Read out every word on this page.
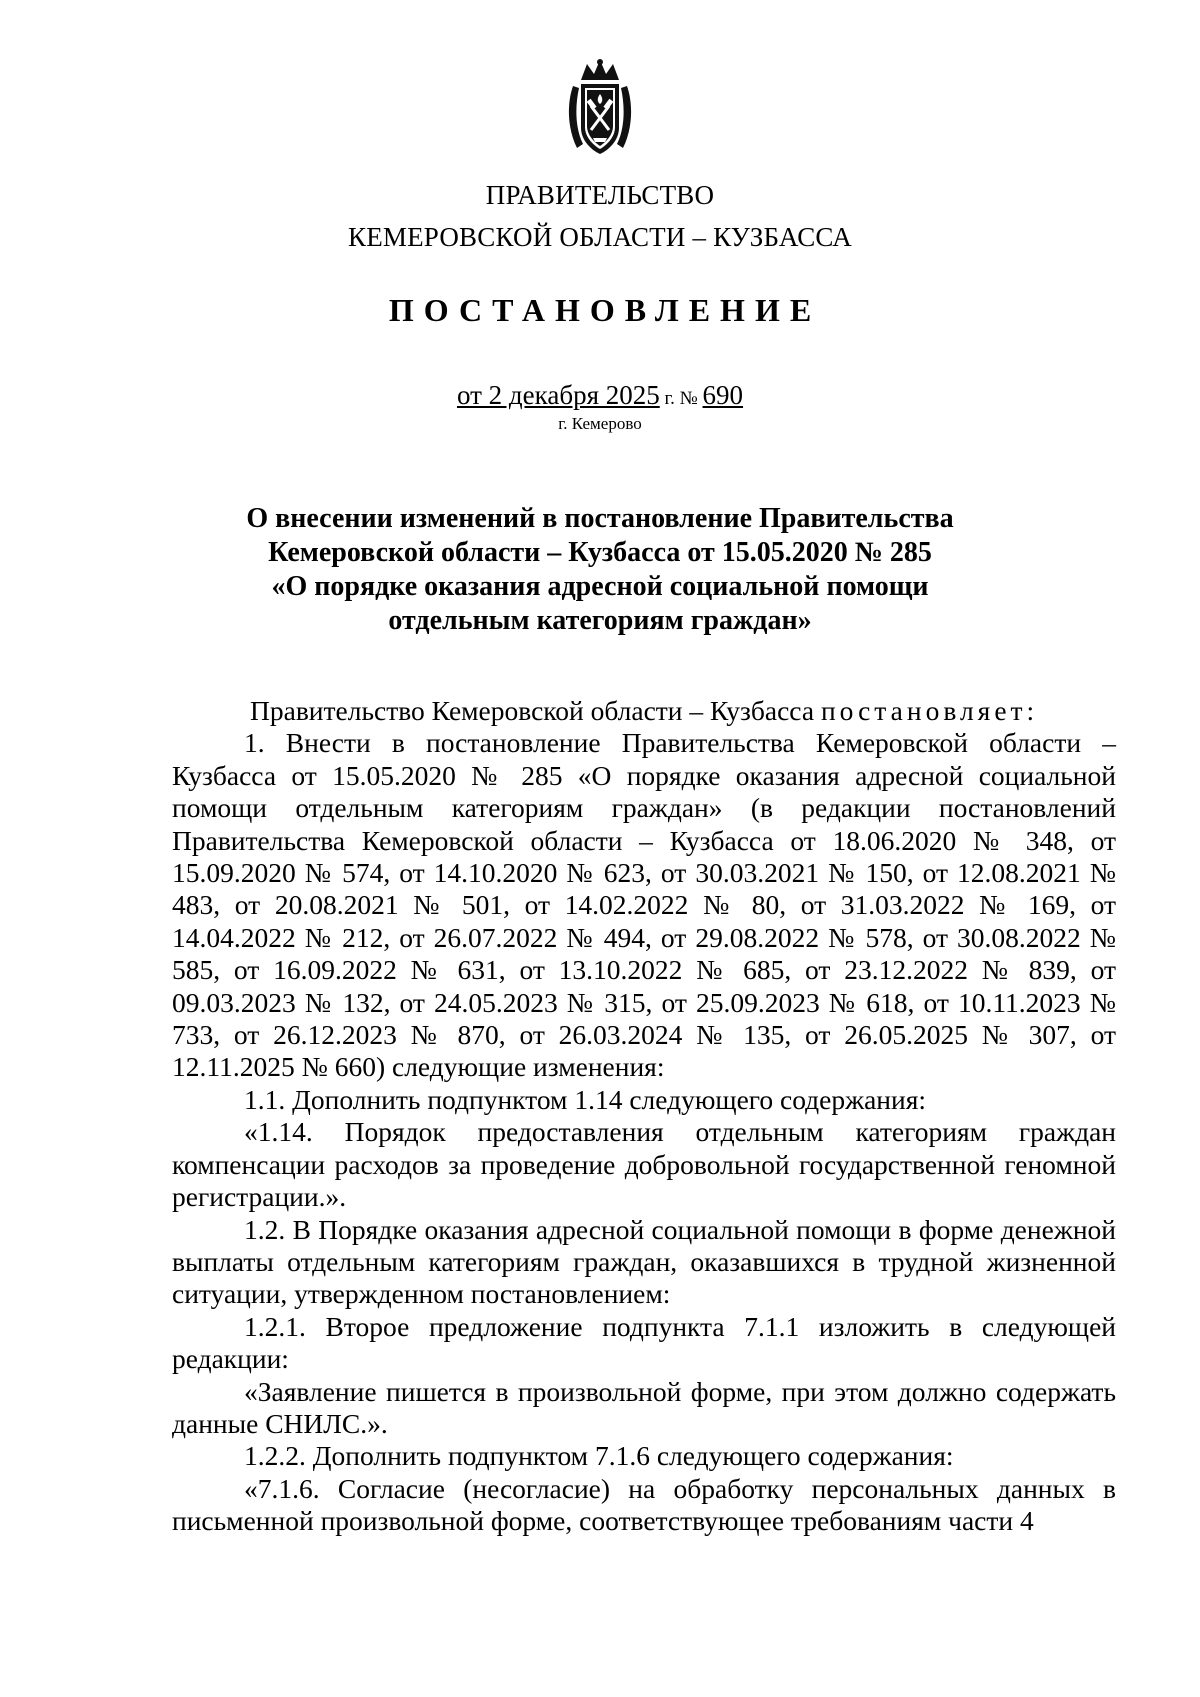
ПРАВИТЕЛЬСТВО
КЕМЕРОВСКОЙ ОБЛАСТИ – КУЗБАССА
ПОСТАНОВЛЕНИЕ
от 2 декабря 2025 г. № 690
г. Кемерово
О внесении изменений в постановление Правительства
Кемеровской области – Кузбасса от 15.05.2020 № 285
«О порядке оказания адресной социальной помощи
отдельным категориям граждан»

Правительство Кемеровской области – Кузбасса постановляет:

1. Внести в постановление Правительства Кемеровской области – Кузбасса от 15.05.2020 № 285 «О порядке оказания адресной социальной помощи отдельным категориям граждан» (в редакции постановлений Правительства Кемеровской области – Кузбасса от 18.06.2020 № 348, от 15.09.2020 № 574, от 14.10.2020 № 623, от 30.03.2021 № 150, от 12.08.2021 № 483, от 20.08.2021 № 501, от 14.02.2022 № 80, от 31.03.2022 № 169, от 14.04.2022 № 212, от 26.07.2022 № 494, от 29.08.2022 № 578, от 30.08.2022 № 585, от 16.09.2022 № 631, от 13.10.2022 № 685, от 23.12.2022 № 839, от 09.03.2023 № 132, от 24.05.2023 № 315, от 25.09.2023 № 618, от 10.11.2023 № 733, от 26.12.2023 № 870, от 26.03.2024 № 135, от 26.05.2025 № 307, от 12.11.2025 № 660) следующие изменения:

1.1. Дополнить подпунктом 1.14 следующего содержания:

«1.14. Порядок предоставления отдельным категориям граждан компенсации расходов за проведение добровольной государственной геномной регистрации.».

1.2. В Порядке оказания адресной социальной помощи в форме денежной выплаты отдельным категориям граждан, оказавшихся в трудной жизненной ситуации, утвержденном постановлением:

1.2.1. Второе предложение подпункта 7.1.1 изложить в следующей редакции:

«Заявление пишется в произвольной форме, при этом должно содержать данные СНИЛС.».

1.2.2. Дополнить подпунктом 7.1.6 следующего содержания:

«7.1.6. Согласие (несогласие) на обработку персональных данных в письменной произвольной форме, соответствующее требованиям части 4
